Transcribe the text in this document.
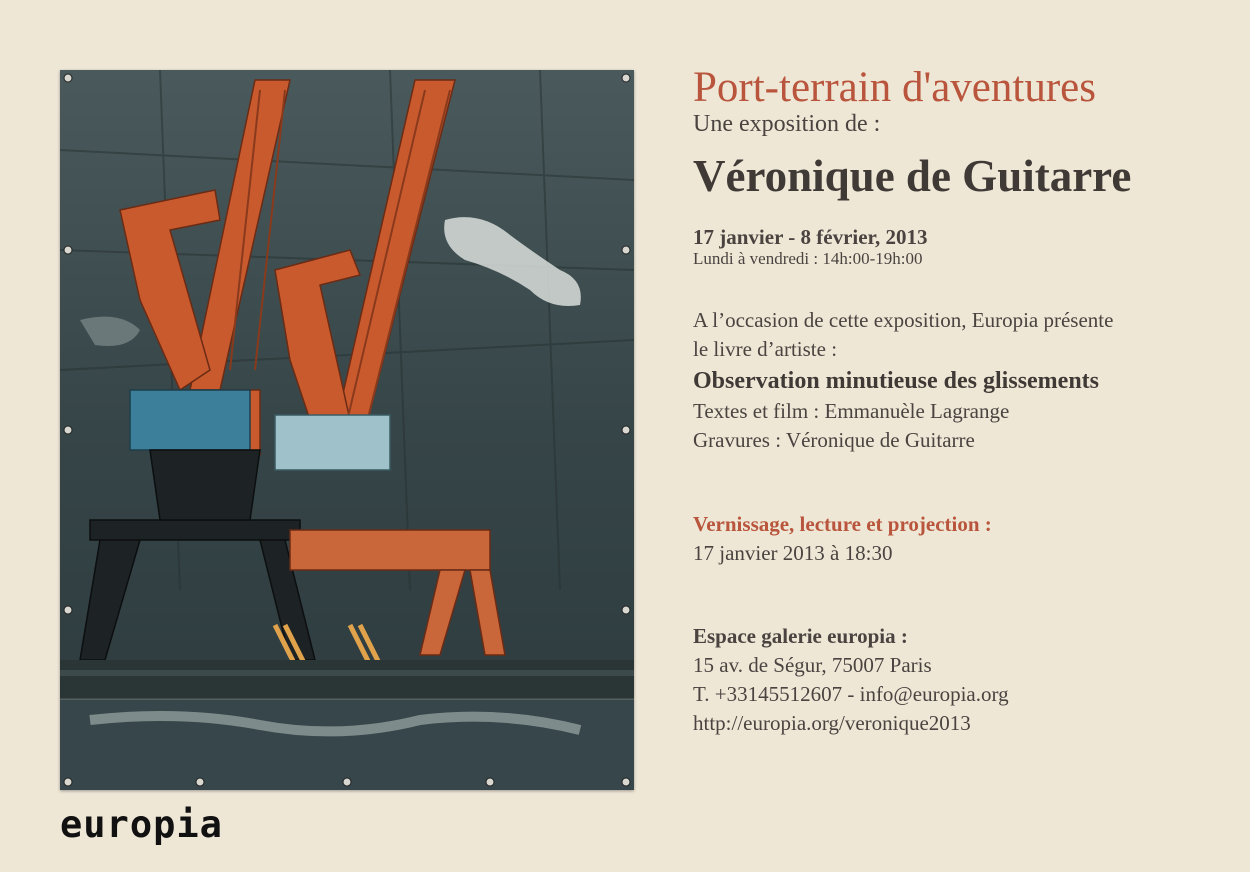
europia
Port-terrain d'aventures
Une exposition de :
Véronique de Guitarre
17 janvier - 8 février, 2013
Lundi à vendredi : 14h:00-19h:00
A l’occasion de cette exposition, Europia présente
le livre d’artiste :
Observation minutieuse des glissements
Textes et film : Emmanuèle Lagrange
Gravures : Véronique de Guitarre
Vernissage, lecture et projection :
17 janvier 2013 à 18:30
Espace galerie europia :
15 av. de Ségur, 75007 Paris
T. +33145512607 - info@europia.org
http://europia.org/veronique2013
